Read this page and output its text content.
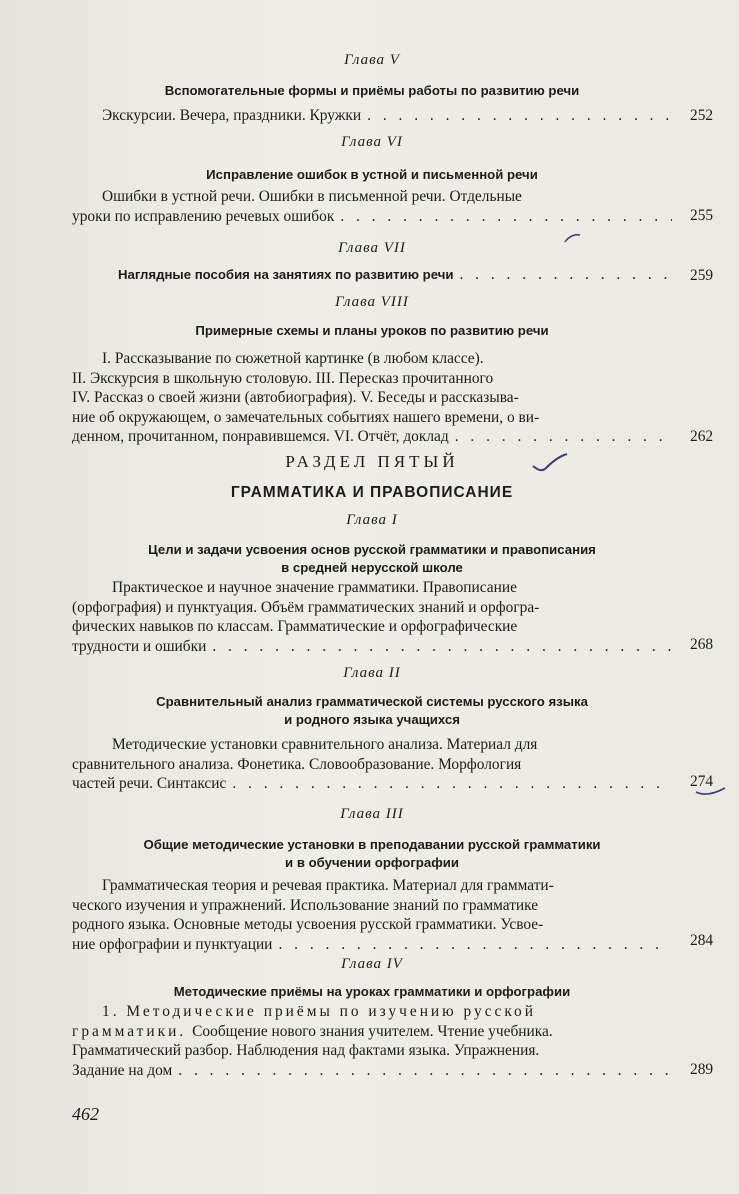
Глава V
Вспомогательные формы и приёмы работы по развитию речи
Экскурсии. Вечера, праздники. Кружки . . .	252
Глава VI
Исправление ошибок в устной и письменной речи
Ошибки в устной речи. Ошибки в письменной речи. Отдельные
уроки по исправлению речевых ошибок . . .	255
Глава VII
Наглядные пособия на занятиях по развитию речи . . .	259
Глава VIII
Примерные схемы и планы уроков по развитию речи
I. Рассказывание по сюжетной картинке (в любом классе).
II. Экскурсия в школьную столовую. III. Пересказ прочитанного
IV. Рассказ о своей жизни (автобиография). V. Беседы и рассказыва-
ние об окружающем, о замечательных событиях нашего времени, о ви-
денном, прочитанном, понравившемся. VI. Отчёт, доклад . . .	262
РАЗДЕЛ ПЯТЫЙ
ГРАММАТИКА И ПРАВОПИСАНИЕ
Глава I
Цели и задачи усвоения основ русской грамматики и правописания
в средней нерусской школе
Практическое и научное значение грамматики. Правописание
(орфография) и пунктуация. Объём грамматических знаний и орфогра-
фических навыков по классам. Грамматические и орфографические
трудности и ошибки . . .	268
Глава II
Сравнительный анализ грамматической системы русского языка
и родного языка учащихся
Методические установки сравнительного анализа. Материал для
сравнительного анализа. Фонетика. Словообразование. Морфология
частей речи. Синтаксис . . .	274
Глава III
Общие методические установки в преподавании русской грамматики
и в обучении орфографии
Грамматическая теория и речевая практика. Материал для граммати-
ческого изучения и упражнений. Использование знаний по грамматике
родного языка. Основные методы усвоения русской грамматики. Усвое-
ние орфографии и пунктуации . . .	284
Глава IV
Методические приёмы на уроках грамматики и орфографии
1. Методические приёмы по изучению русской
грамматики. Сообщение нового знания учителем. Чтение учебника.
Грамматический разбор. Наблюдения над фактами языка. Упражнения.
Задание на дом . . .	289
462
